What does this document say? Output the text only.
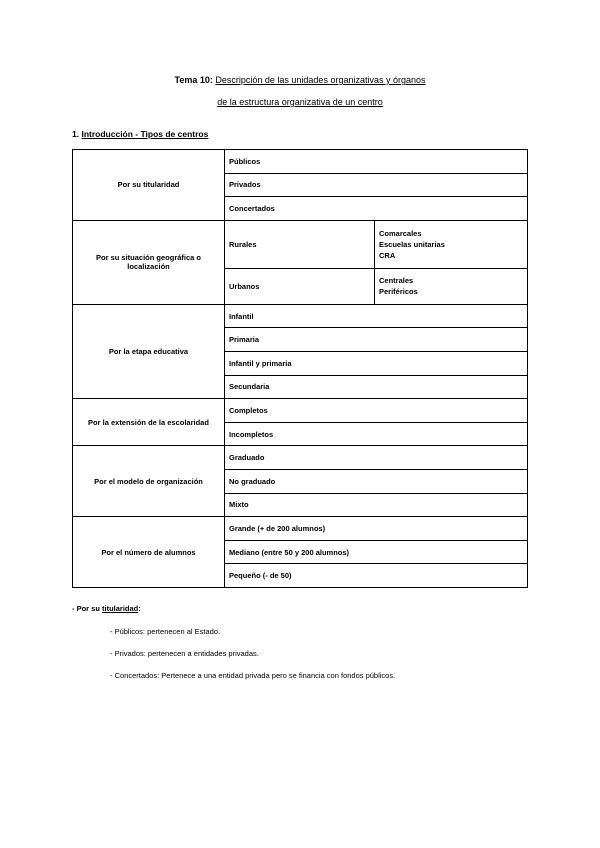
Tema 10: Descripción de las unidades organizativas y órganos
de la estructura organizativa de un centro
1. Introducción - Tipos de centros
Por su titularidad	Públicos	
	Privados	
	Concertados	
Por su situación geográfica o localización	Rurales	Comarcales
Escuelas unitarias
CRA

	Urbanos	Centrales
Periféricos

Por la etapa educativa	Infantil	
	Primaria	
	Infantil y primaria	
	Secundaria	
Por la extensión de la escolaridad	Completos	
	Incompletos	
Por el modelo de organización	Graduado	
	No graduado	
	Mixto	
Por el número de alumnos	Grande (+ de 200 alumnos)	
	Mediano (entre 50 y 200 alumnos)	
	Pequeño (- de 50)	
- Por su titularidad:
- Públicos: pertenecen al Estado.
- Privados: pertenecen a entidades privadas.
- Concertados: Pertenece a una entidad privada pero se financia con fondos públicos.
